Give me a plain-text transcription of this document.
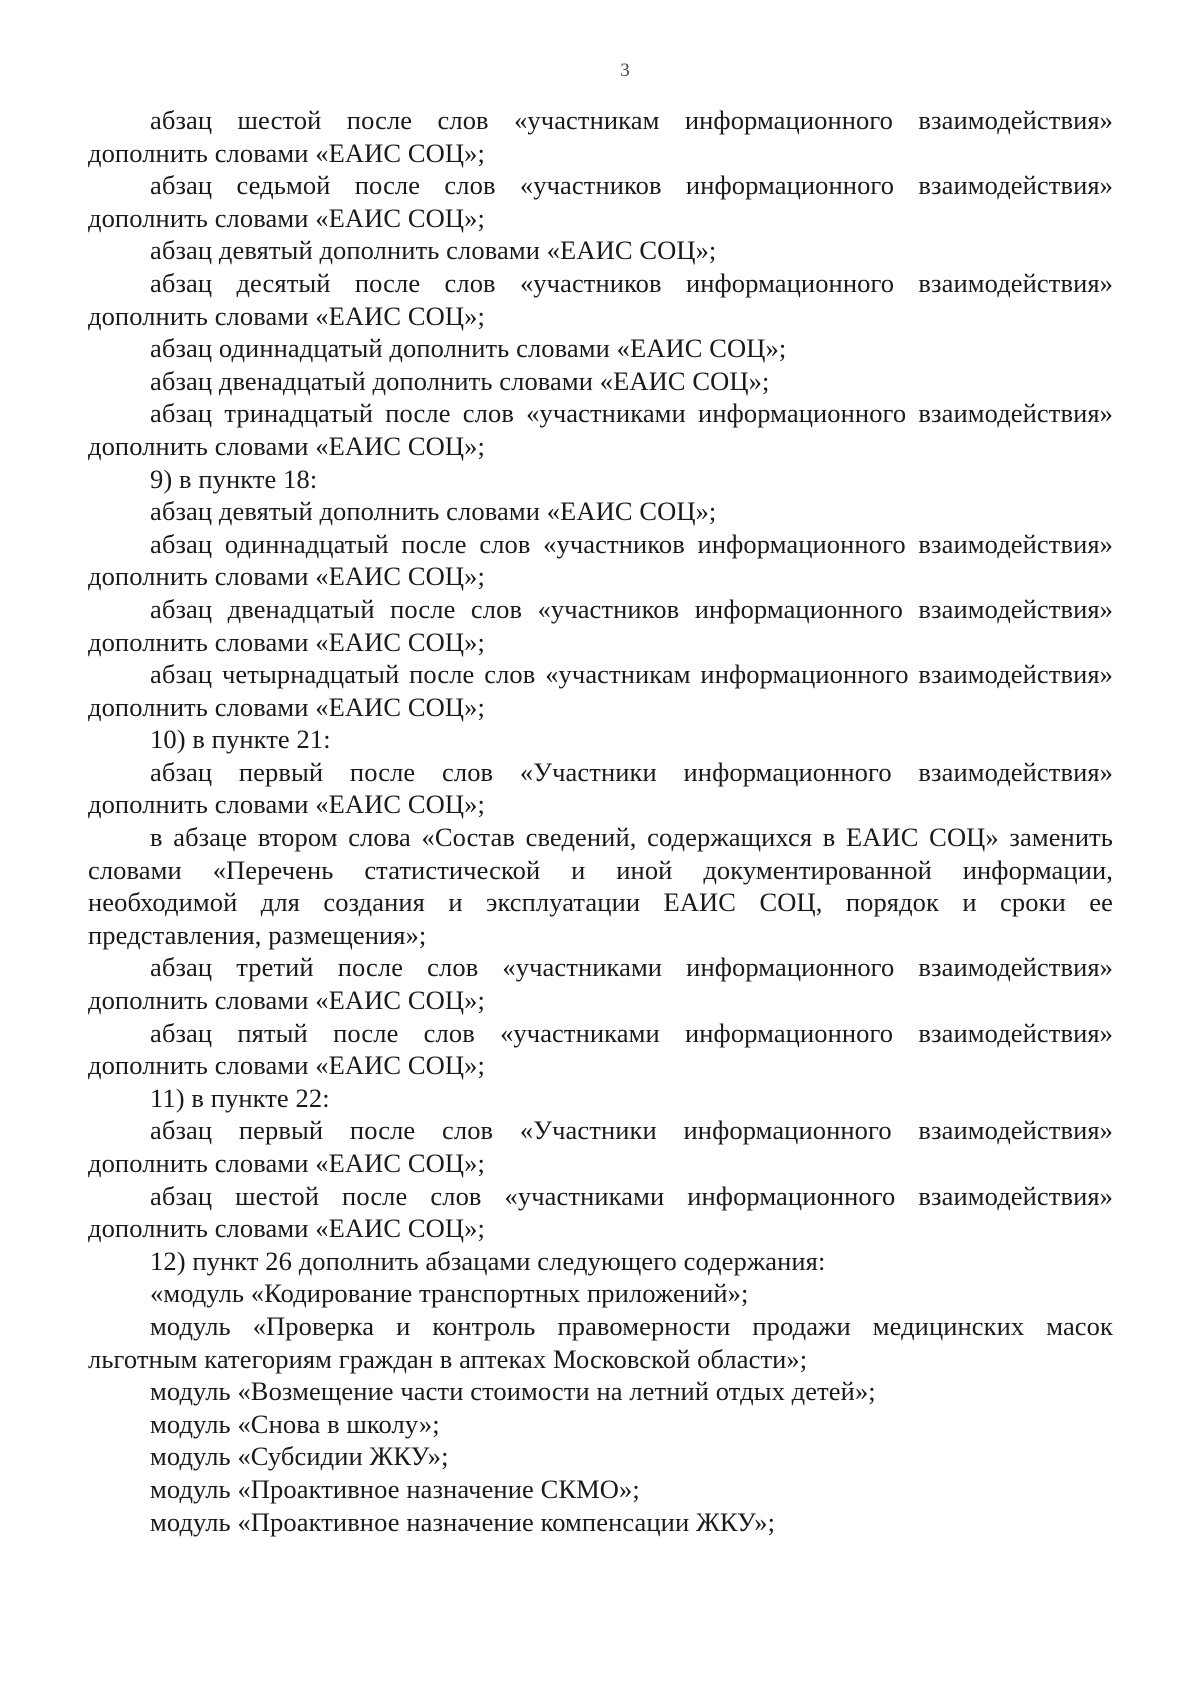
3

абзац шестой после слов «участникам информационного взаимодействия» дополнить словами «ЕАИС СОЦ»;

абзац седьмой после слов «участников информационного взаимодействия» дополнить словами «ЕАИС СОЦ»;

абзац девятый дополнить словами «ЕАИС СОЦ»;

абзац десятый после слов «участников информационного взаимодействия» дополнить словами «ЕАИС СОЦ»;

абзац одиннадцатый дополнить словами «ЕАИС СОЦ»;

абзац двенадцатый дополнить словами «ЕАИС СОЦ»;

абзац тринадцатый после слов «участниками информационного взаимодействия» дополнить словами «ЕАИС СОЦ»;

9) в пункте 18:

абзац девятый дополнить словами «ЕАИС СОЦ»;

абзац одиннадцатый после слов «участников информационного взаимодействия» дополнить словами «ЕАИС СОЦ»;

абзац двенадцатый после слов «участников информационного взаимодействия» дополнить словами «ЕАИС СОЦ»;

абзац четырнадцатый после слов «участникам информационного взаимодействия» дополнить словами «ЕАИС СОЦ»;

10) в пункте 21:

абзац первый после слов «Участники информационного взаимодействия» дополнить словами «ЕАИС СОЦ»;

в абзаце втором слова «Состав сведений, содержащихся в ЕАИС СОЦ» заменить словами «Перечень статистической и иной документированной информации, необходимой для создания и эксплуатации ЕАИС СОЦ, порядок и сроки ее представления, размещения»;

абзац третий после слов «участниками информационного взаимодействия» дополнить словами «ЕАИС СОЦ»;

абзац пятый после слов «участниками информационного взаимодействия» дополнить словами «ЕАИС СОЦ»;

11) в пункте 22:

абзац первый после слов «Участники информационного взаимодействия» дополнить словами «ЕАИС СОЦ»;

абзац шестой после слов «участниками информационного взаимодействия» дополнить словами «ЕАИС СОЦ»;

12) пункт 26 дополнить абзацами следующего содержания:

«модуль «Кодирование транспортных приложений»;

модуль «Проверка и контроль правомерности продажи медицинских масок льготным категориям граждан в аптеках Московской области»;

модуль «Возмещение части стоимости на летний отдых детей»;

модуль «Снова в школу»;

модуль «Субсидии ЖКУ»;

модуль «Проактивное назначение СКМО»;

модуль «Проактивное назначение компенсации ЖКУ»;
